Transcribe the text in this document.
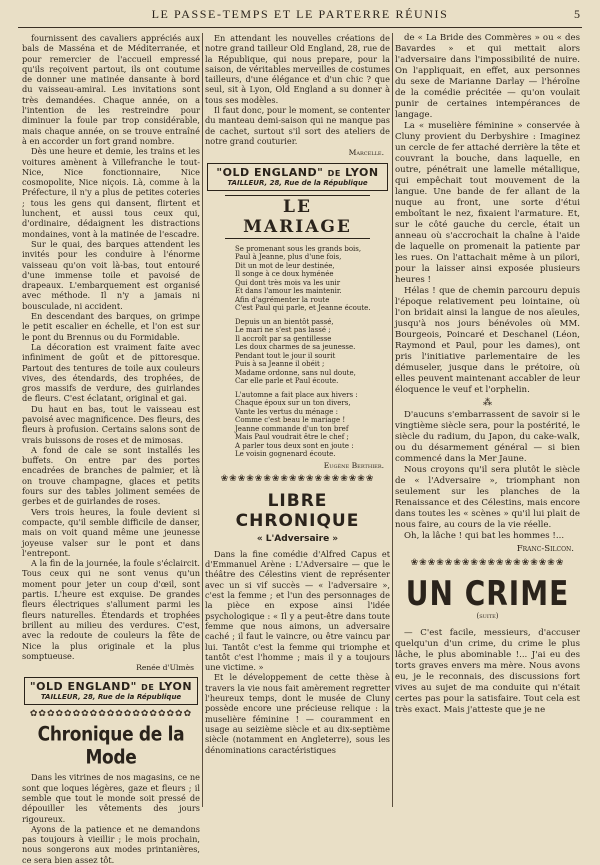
LE PASSE-TEMPS ET LE PARTERRE RÉUNIS	5

fournissent des cavaliers appréciés aux bals de Masséna et de Méditerranée, et pour remercier de l'accueil empressé qu'ils reçoivent partout, ils ont coutume de donner une matinée dansante à bord du vaisseau-amiral. Les invitations sont très demandées. Chaque année, on a l'intention de les restreindre pour diminuer la foule par trop considérable, mais chaque année, on se trouve entraîné à en accorder un fort grand nombre.

Dès une heure et demie, les trains et les voitures amènent à Villefranche le tout-Nice, Nice fonctionnaire, Nice cosmopolite, Nice niçois. Là, comme à la Préfecture, il n'y a plus de petites coteries ; tous les gens qui dansent, flirtent et lunchent, et aussi tous ceux qui, d'ordinaire, dédaignent les distractions mondaines, vont à la matinée de l'escadre.

Sur le quai, des barques attendent les invités pour les conduire à l'énorme vaisseau qu'on voit là-bas, tout entouré d'une immense toile et pavoisé de drapeaux. L'embarquement est organisé avec méthode. Il n'y a jamais ni bousculade, ni accident.

En descendant des barques, on grimpe le petit escalier en échelle, et l'on est sur le pont du Brennus ou du Formidable.

La décoration est vraiment faite avec infiniment de goût et de pittoresque. Partout des tentures de toile aux couleurs vives, des étendards, des trophées, de gros massifs de verdure, des guirlandes de fleurs. C'est éclatant, original et gai.

Du haut en bas, tout le vaisseau est pavoisé avec magnificence. Des fleurs, des fleurs à profusion. Certains salons sont de vrais buissons de roses et de mimosas.

A fond de cale se sont installés les buffets. On entre par des portes encadrées de branches de palmier, et là on trouve champagne, glaces et petits fours sur des tables joliment semées de gerbes et de guirlandes de roses.

Vers trois heures, la foule devient si compacte, qu'il semble difficile de danser, mais on voit quand même une jeunesse joyeuse valser sur le pont et dans l'entrepont.

A la fin de la journée, la foule s'éclaircit. Tous ceux qui ne sont venus qu'un moment pour jeter un coup d'œil, sont partis. L'heure est exquise. De grandes fleurs électriques s'allument parmi les fleurs naturelles. Étendards et trophées brillent au milieu des verdures. C'est, avec la redoute de couleurs la fête de Nice la plus originale et la plus somptueuse.

Renée d'Ulmès

"OLD ENGLAND" DE LYON
TAILLEUR, 28, Rue de la République
✿✿✿✿✿✿✿✿✿✿✿✿✿✿✿✿✿✿✿
Chronique de la Mode

Dans les vitrines de nos magasins, ce ne sont que loques légères, gaze et fleurs ; il semble que tout le monde soit pressé de dépouiller les vêtements des jours rigoureux.

Ayons de la patience et ne demandons pas toujours à vieillir ; le mois prochain, nous songerons aux modes printanières, ce sera bien assez tôt.

En attendant les nouvelles créations de notre grand tailleur Old England, 28, rue de la République, qui nous prepare, pour la saison, de véritables merveilles de costumes tailleurs, d'une élégance et d'un chic ? que seul, sit à Lyon, Old England a su donner à tous ses modèles.

Il faut donc, pour le moment, se contenter du manteau demi-saison qui ne manque pas de cachet, surtout s'il sort des ateliers de notre grand couturier.

Marcelle.

"OLD ENGLAND" DE LYON
TAILLEUR, 28, Rue de la République
LE MARIAGE
Se promenant sous les grands bois,
Paul à Jeanne, plus d'une fois,
Dit un mot de leur destinée,
Il songe à ce doux hyménée
Qui dont très mois va les unir
Et dans l'amour les maintenir.
Afin d'agrémenter la route
C'est Paul qui parle, et Jeanne écoute.
Depuis un an bientôt passé,
Le mari ne s'est pas lassé ;
Il accroît par sa gentillesse
Les doux charmes de sa jeunesse.
Pendant tout le jour il sourit
Puis à sa Jeanne il obéit ;
Madame ordonne, sans nul doute,
Car elle parle et Paul écoute.
L'automne a fait place aux hivers :
Chaque époux sur un ton divers,
Vante les vertus du ménage :
Comme c'est beau le mariage !
Jeanne commande d'un ton bref
Mais Paul voudrait être le chef ;
A parler tous deux sont en joute :
Le voisin gognenard écoute.

Eugène Berthier.

❀❀❀❀❀❀❀❀❀❀❀❀❀❀❀❀❀❀
LIBRE CHRONIQUE
« L'Adversaire »

Dans la fine comédie d'Alfred Capus et d'Emmanuel Arène : L'Adversaire — que le théâtre des Célestins vient de représenter avec un si vif succès — « l'adversaire », c'est la femme ; et l'un des personnages de la pièce en expose ainsi l'idée psychologique : « Il y a peut-être dans toute femme que nous aimons, un adversaire caché ; il faut le vaincre, ou être vaincu par lui. Tantôt c'est la femme qui triomphe et tantôt c'est l'homme ; mais il y a toujours une victime. »

Et le développement de cette thèse à travers la vie nous fait amèrement regretter l'heureux temps, dont le musée de Cluny possède encore une précieuse relique : la muselière féminine ! — couramment en usage au seizième siècle et au dix-septième siècle (notamment en Angleterre), sous les dénominations caractéristiques

de « La Bride des Commères » ou « des Bavardes » et qui mettait alors l'adversaire dans l'impossibilité de nuire. On l'appliquait, en effet, aux personnes du sexe de Marianne Darlay — l'héroïne de la comédie précitée — qu'on voulait punir de certaines intempérances de langage.

La « muselière féminine » conservée à Cluny provient du Derbyshire : Imaginez un cercle de fer attaché derrière la tête et couvrant la bouche, dans laquelle, en outre, pénétrait une lamelle métallique, qui empêchait tout mouvement de la langue. Une bande de fer allant de la nuque au front, une sorte d'étui emboîtant le nez, fixaient l'armature. Et, sur le côté gauche du cercle, était un anneau où s'accrochait la chaîne à l'aide de laquelle on promenait la patiente par les rues. On l'attachait même à un pilori, pour la laisser ainsi exposée plusieurs heures !

Hélas ! que de chemin parcouru depuis l'époque relativement peu lointaine, où l'on bridait ainsi la langue de nos aïeules, jusqu'à nos jours bénévoles où MM. Bourgeois, Poincaré et Deschanel (Léon, Raymond et Paul, pour les dames), ont pris l'initiative parlementaire de les démuseler, jusque dans le prétoire, où elles peuvent maintenant accabler de leur éloquence le veuf et l'orphelin.

⁂

D'aucuns s'embarrassent de savoir si le vingtième siècle sera, pour la postérité, le siècle du radium, du Japon, du cake-walk, ou du désarmement général — si bien commencé dans la Mer Jaune.

Nous croyons qu'il sera plutôt le siècle de « l'Adversaire », triomphant non seulement sur les planches de la Renaissance et des Célestins, mais encore dans toutes les « scènes » qu'il lui plait de nous faire, au cours de la vie réelle.

Oh, la lâche ! qui bat les hommes !...

Franc-Silcon.

❀❀❀❀❀❀❀❀❀❀❀❀❀❀❀❀❀❀
UN CRIME
(suite)

— C'est facile, messieurs, d'accuser quelqu'un d'un crime, du crime le plus lâche, le plus abominable !... J'ai eu des torts graves envers ma mère. Nous avons eu, je le reconnais, des discussions fort vives au sujet de ma conduite qui n'était certes pas pour la satisfaire. Tout cela est très exact. Mais j'atteste que je ne
